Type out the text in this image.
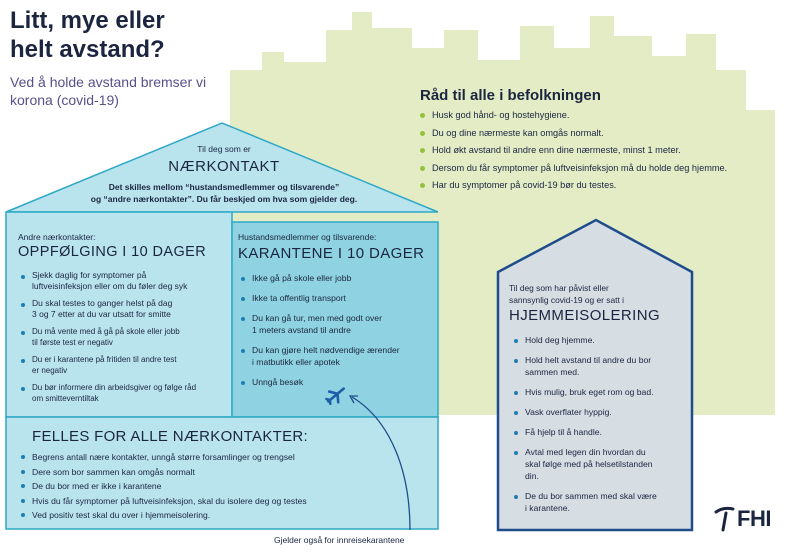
Litt, mye eller
helt avstand?
Ved å holde avstand bremser vi
korona (covid-19)	Råd til alle i befolkningen
Husk god hånd- og hostehygiene.
Du og dine nærmeste kan omgås normalt.
Hold økt avstand til andre enn dine nærmeste, minst 1 meter.
Dersom du får symptomer på luftveisinfeksjon må du holde deg hjemme.
Har du symptomer på covid-19 bør du testes.
Til deg som er
NÆRKONTAKT
Det skilles mellom “hustandsmedlemmer og tilsvarende”
og “andre nærkontakter”. Du får beskjed om hva som gjelder deg.
Andre nærkontakter:
OPPFØLGING I 10 DAGER
Sjekk daglig for symptomer på
luftveisinfeksjon eller om du føler deg syk
Du skal testes to ganger helst på dag
3 og 7 etter at du var utsatt for smitte
Du må vente med å gå på skole eller jobb
til første test er negativ
Du er i karantene på fritiden til andre test
er negativ
Du bør informere din arbeidsgiver og følge råd
om smitteverntiltak
Hustandsmedlemmer og tilsvarende:
KARANTENE I 10 DAGER
Ikke gå på skole eller jobb
Ikke ta offentlig transport
Du kan gå tur, men med godt over
1 meters avstand til andre
Du kan gjøre helt nødvendige ærender
i matbutikk eller apotek
Unngå besøk
FELLES FOR ALLE NÆRKONTAKTER:
Begrens antall nære kontakter, unngå større forsamlinger og trengsel
Dere som bor sammen kan omgås normalt
De du bor med er ikke i karantene
Hvis du får symptomer på luftveisinfeksjon, skal du isolere deg og testes
Ved positiv test skal du over i hjemmeisolering.
Til deg som har påvist eller
sannsynlig covid-19 og er satt i
HJEMMEISOLERING
Hold deg hjemme.
Hold helt avstand til andre du bor
sammen med.
Hvis mulig, bruk eget rom og bad.
Vask overflater hyppig.
Få hjelp til å handle.
Avtal med legen din hvordan du
skal følge med på helsetilstanden
din.
De du bor sammen med skal være
i karantene.
Gjelder også for innreisekarantene
FHI
